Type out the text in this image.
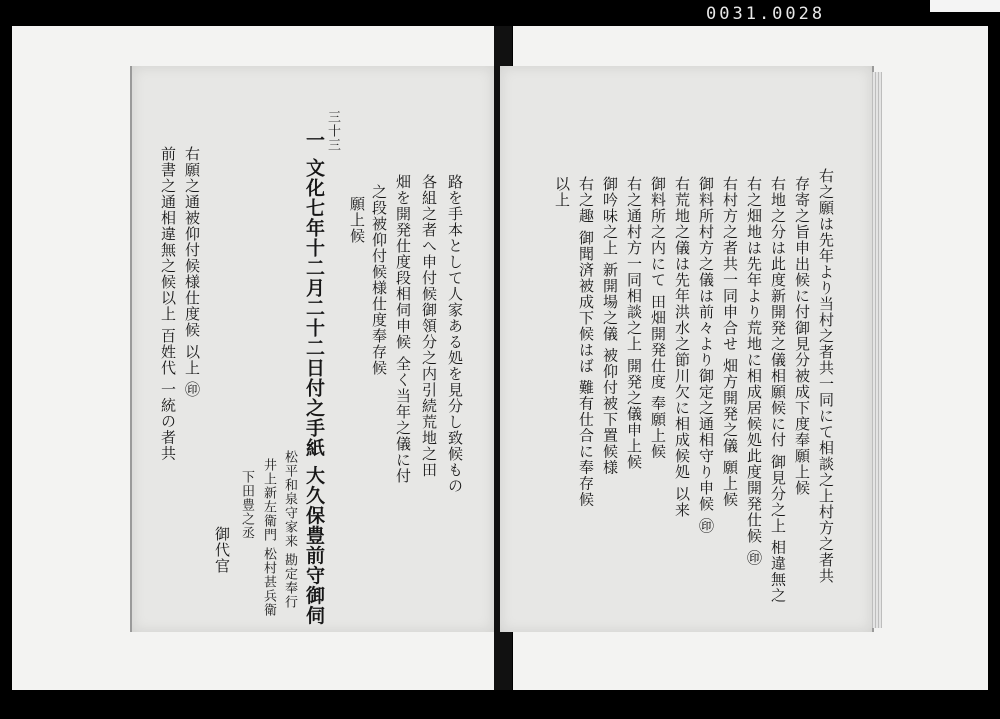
0031.0028
三十三
一 文化七年十二月二十二日付之手紙 大久保豊前守御伺	路を手本として人家ある処を見分し致候もの
各組之者へ申付候御領分之内引続荒地之田
畑を開発仕度段相伺申候 全く当年之儀に付
之段被仰付候様仕度奉存候
願上候
松平和泉守家来 勘定奉行
井上新左衛門 松村甚兵衛
下田豊之丞
御代官
右願之通被仰付候様仕度候 以上 ㊞
前書之通相違無之候以上 百姓代 一統の者共	右之願は先年より当村之者共一同にて相談之上村方之者共
存寄之旨申出候に付御見分被成下度奉願上候
右地之分は此度新開発之儀相願候に付 御見分之上 相違無之
右之畑地は先年より荒地に相成居候処此度開発仕候 ㊞
右村方之者共一同申合せ 畑方開発之儀 願上候
御料所村方之儀は前々より御定之通相守り申候 ㊞
右荒地之儀は先年洪水之節川欠に相成候処 以来
御料所之内にて 田畑開発仕度 奉願上候
右之通村方一同相談之上 開発之儀申上候
御吟味之上 新開場之儀 被仰付被下置候様
右之趣 御聞済被成下候はば 難有仕合に奉存候
以上
